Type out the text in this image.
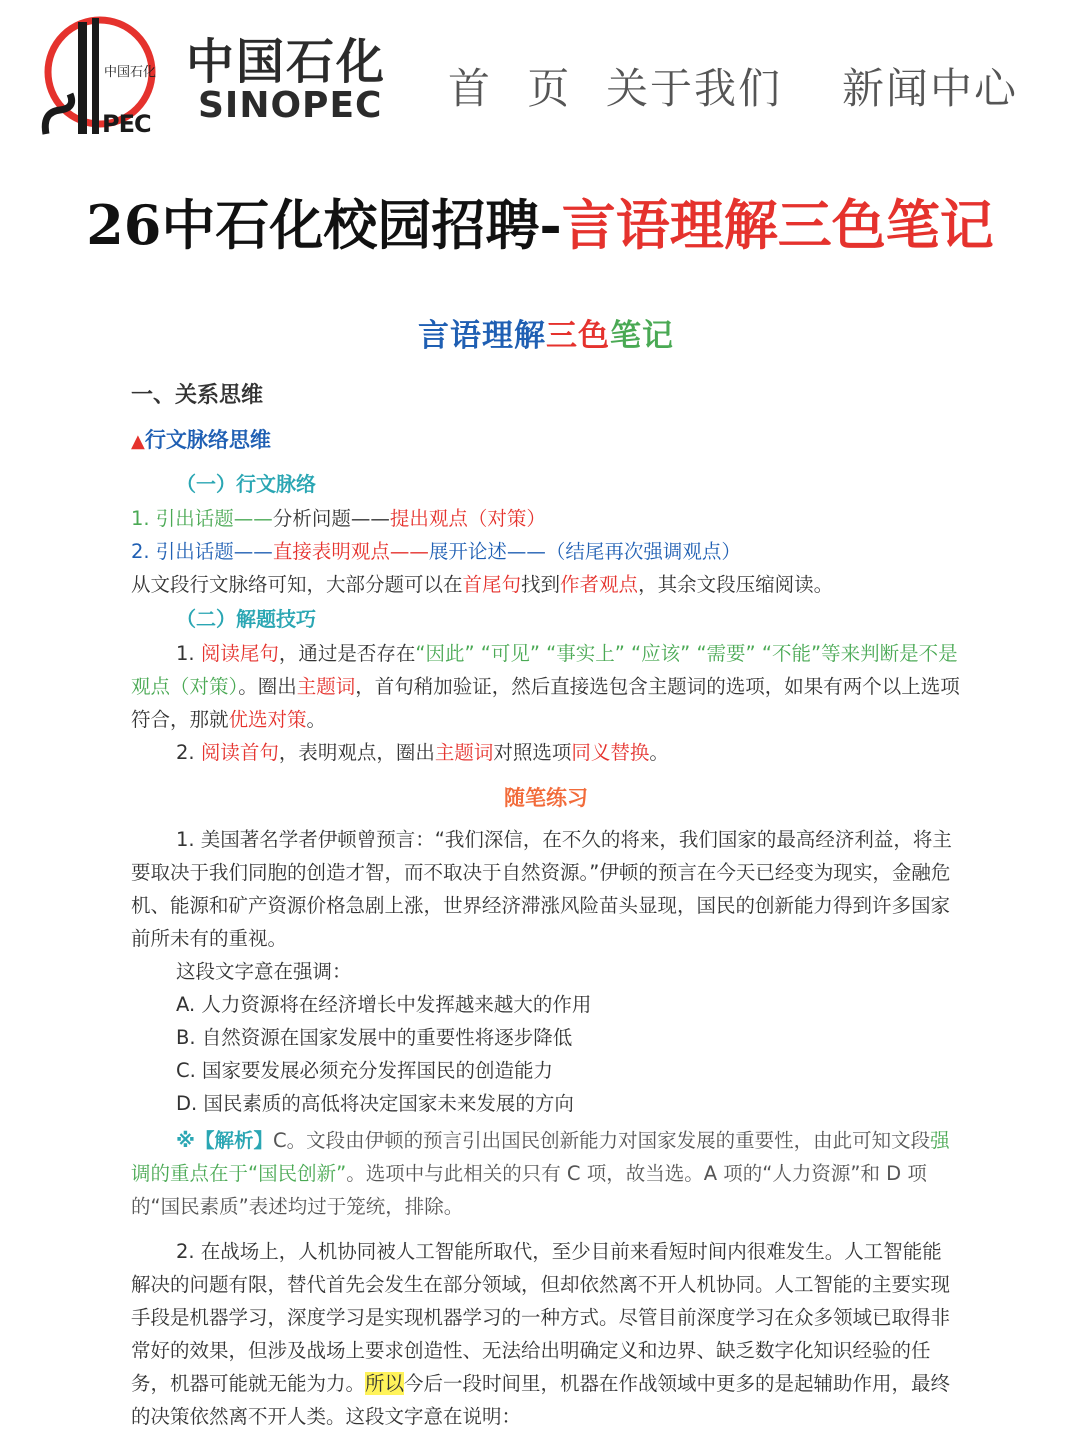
中国石化
PEC
中国石化
SINOPEC 首 页 关于我们 新闻中心
26中石化校园招聘-言语理解三色笔记
言语理解三色笔记
一、关系思维
▲行文脉络思维
（一）行文脉络

1. 引出话题——分析问题——提出观点（对策）

2. 引出话题——直接表明观点——展开论述——（结尾再次强调观点）

从文段行文脉络可知，大部分题可以在首尾句找到作者观点，其余文段压缩阅读。

（二）解题技巧

1. 阅读尾句，通过是否存在“因此” “可见” “事实上” “应该” “需要” “不能”等来判断是不是观点（对策）。圈出主题词，首句稍加验证，然后直接选包含主题词的选项，如果有两个以上选项符合，那就优选对策。

2. 阅读首句，表明观点，圈出主题词对照选项同义替换。

随笔练习

1. 美国著名学者伊顿曾预言：“我们深信，在不久的将来，我们国家的最高经济利益，将主要取决于我们同胞的创造才智，而不取决于自然资源。”伊顿的预言在今天已经变为现实，金融危机、能源和矿产资源价格急剧上涨，世界经济滞涨风险苗头显现，国民的创新能力得到许多国家前所未有的重视。

这段文字意在强调：

A. 人力资源将在经济增长中发挥越来越大的作用

B. 自然资源在国家发展中的重要性将逐步降低

C. 国家要发展必须充分发挥国民的创造能力

D. 国民素质的高低将决定国家未来发展的方向

※【解析】C。文段由伊顿的预言引出国民创新能力对国家发展的重要性，由此可知文段强调的重点在于“国民创新”。选项中与此相关的只有 C 项，故当选。A 项的“人力资源”和 D 项的“国民素质”表述均过于笼统，排除。

2. 在战场上，人机协同被人工智能所取代，至少目前来看短时间内很难发生。人工智能能解决的问题有限，替代首先会发生在部分领域，但却依然离不开人机协同。人工智能的主要实现手段是机器学习，深度学习是实现机器学习的一种方式。尽管目前深度学习在众多领域已取得非常好的效果，但涉及战场上要求创造性、无法给出明确定义和边界、缺乏数字化知识经验的任务，机器可能就无能为力。所以今后一段时间里，机器在作战领域中更多的是起辅助作用，最终的决策依然离不开人类。这段文字意在说明：
